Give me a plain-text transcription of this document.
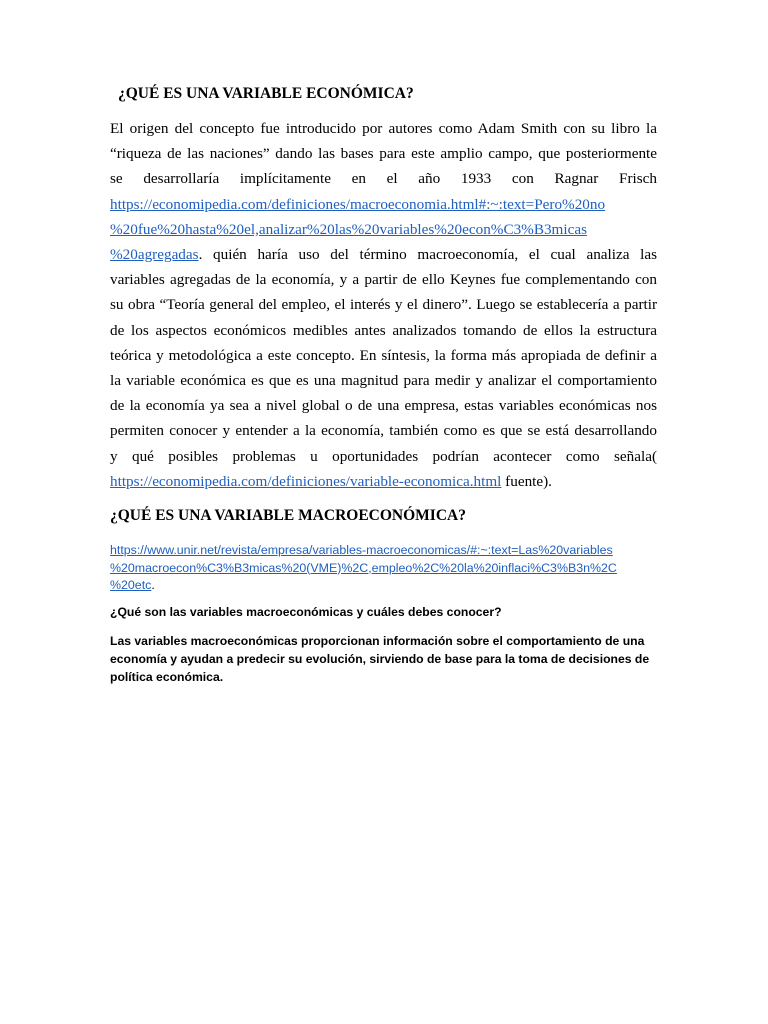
¿QUÉ ES UNA VARIABLE ECONÓMICA?
El origen del concepto fue introducido por autores como Adam Smith con su libro la
“riqueza de las naciones” dando las bases para este amplio campo, que posteriormente
se desarrollaría implícitamente en el año 1933 con Ragnar Frisch
https://economipedia.com/definiciones/macroeconomia.html#:~:text=Pero%20no
%20fue%20hasta%20el,analizar%20las%20variables%20econ%C3%B3micas
%20agregadas. quién haría uso del término macroeconomía, el cual analiza las
variables agregadas de la economía, y a partir de ello Keynes fue complementando con
su obra “Teoría general del empleo, el interés y el dinero”. Luego se establecería a partir
de los aspectos económicos medibles antes analizados tomando de ellos la estructura
teórica y metodológica a este concepto. En síntesis, la forma más apropiada de definir a
la variable económica es que es una magnitud para medir y analizar el comportamiento
de la economía ya sea a nivel global o de una empresa, estas variables económicas nos
permiten conocer y entender a la economía, también como es que se está desarrollando
y qué posibles problemas u oportunidades podrían acontecer como señala(
https://economipedia.com/definiciones/variable-economica.html fuente).
¿QUÉ ES UNA VARIABLE MACROECONÓMICA?
https://www.unir.net/revista/empresa/variables-macroeconomicas/#:~:text=Las%20variables
%20macroecon%C3%B3micas%20(VME)%2C,empleo%2C%20la%20inflaci%C3%B3n%2C
%20etc.
¿Qué son las variables macroeconómicas y cuáles debes conocer?
Las variables macroeconómicas proporcionan información sobre el comportamiento de una
economía y ayudan a predecir su evolución, sirviendo de base para la toma de decisiones de
política económica.
